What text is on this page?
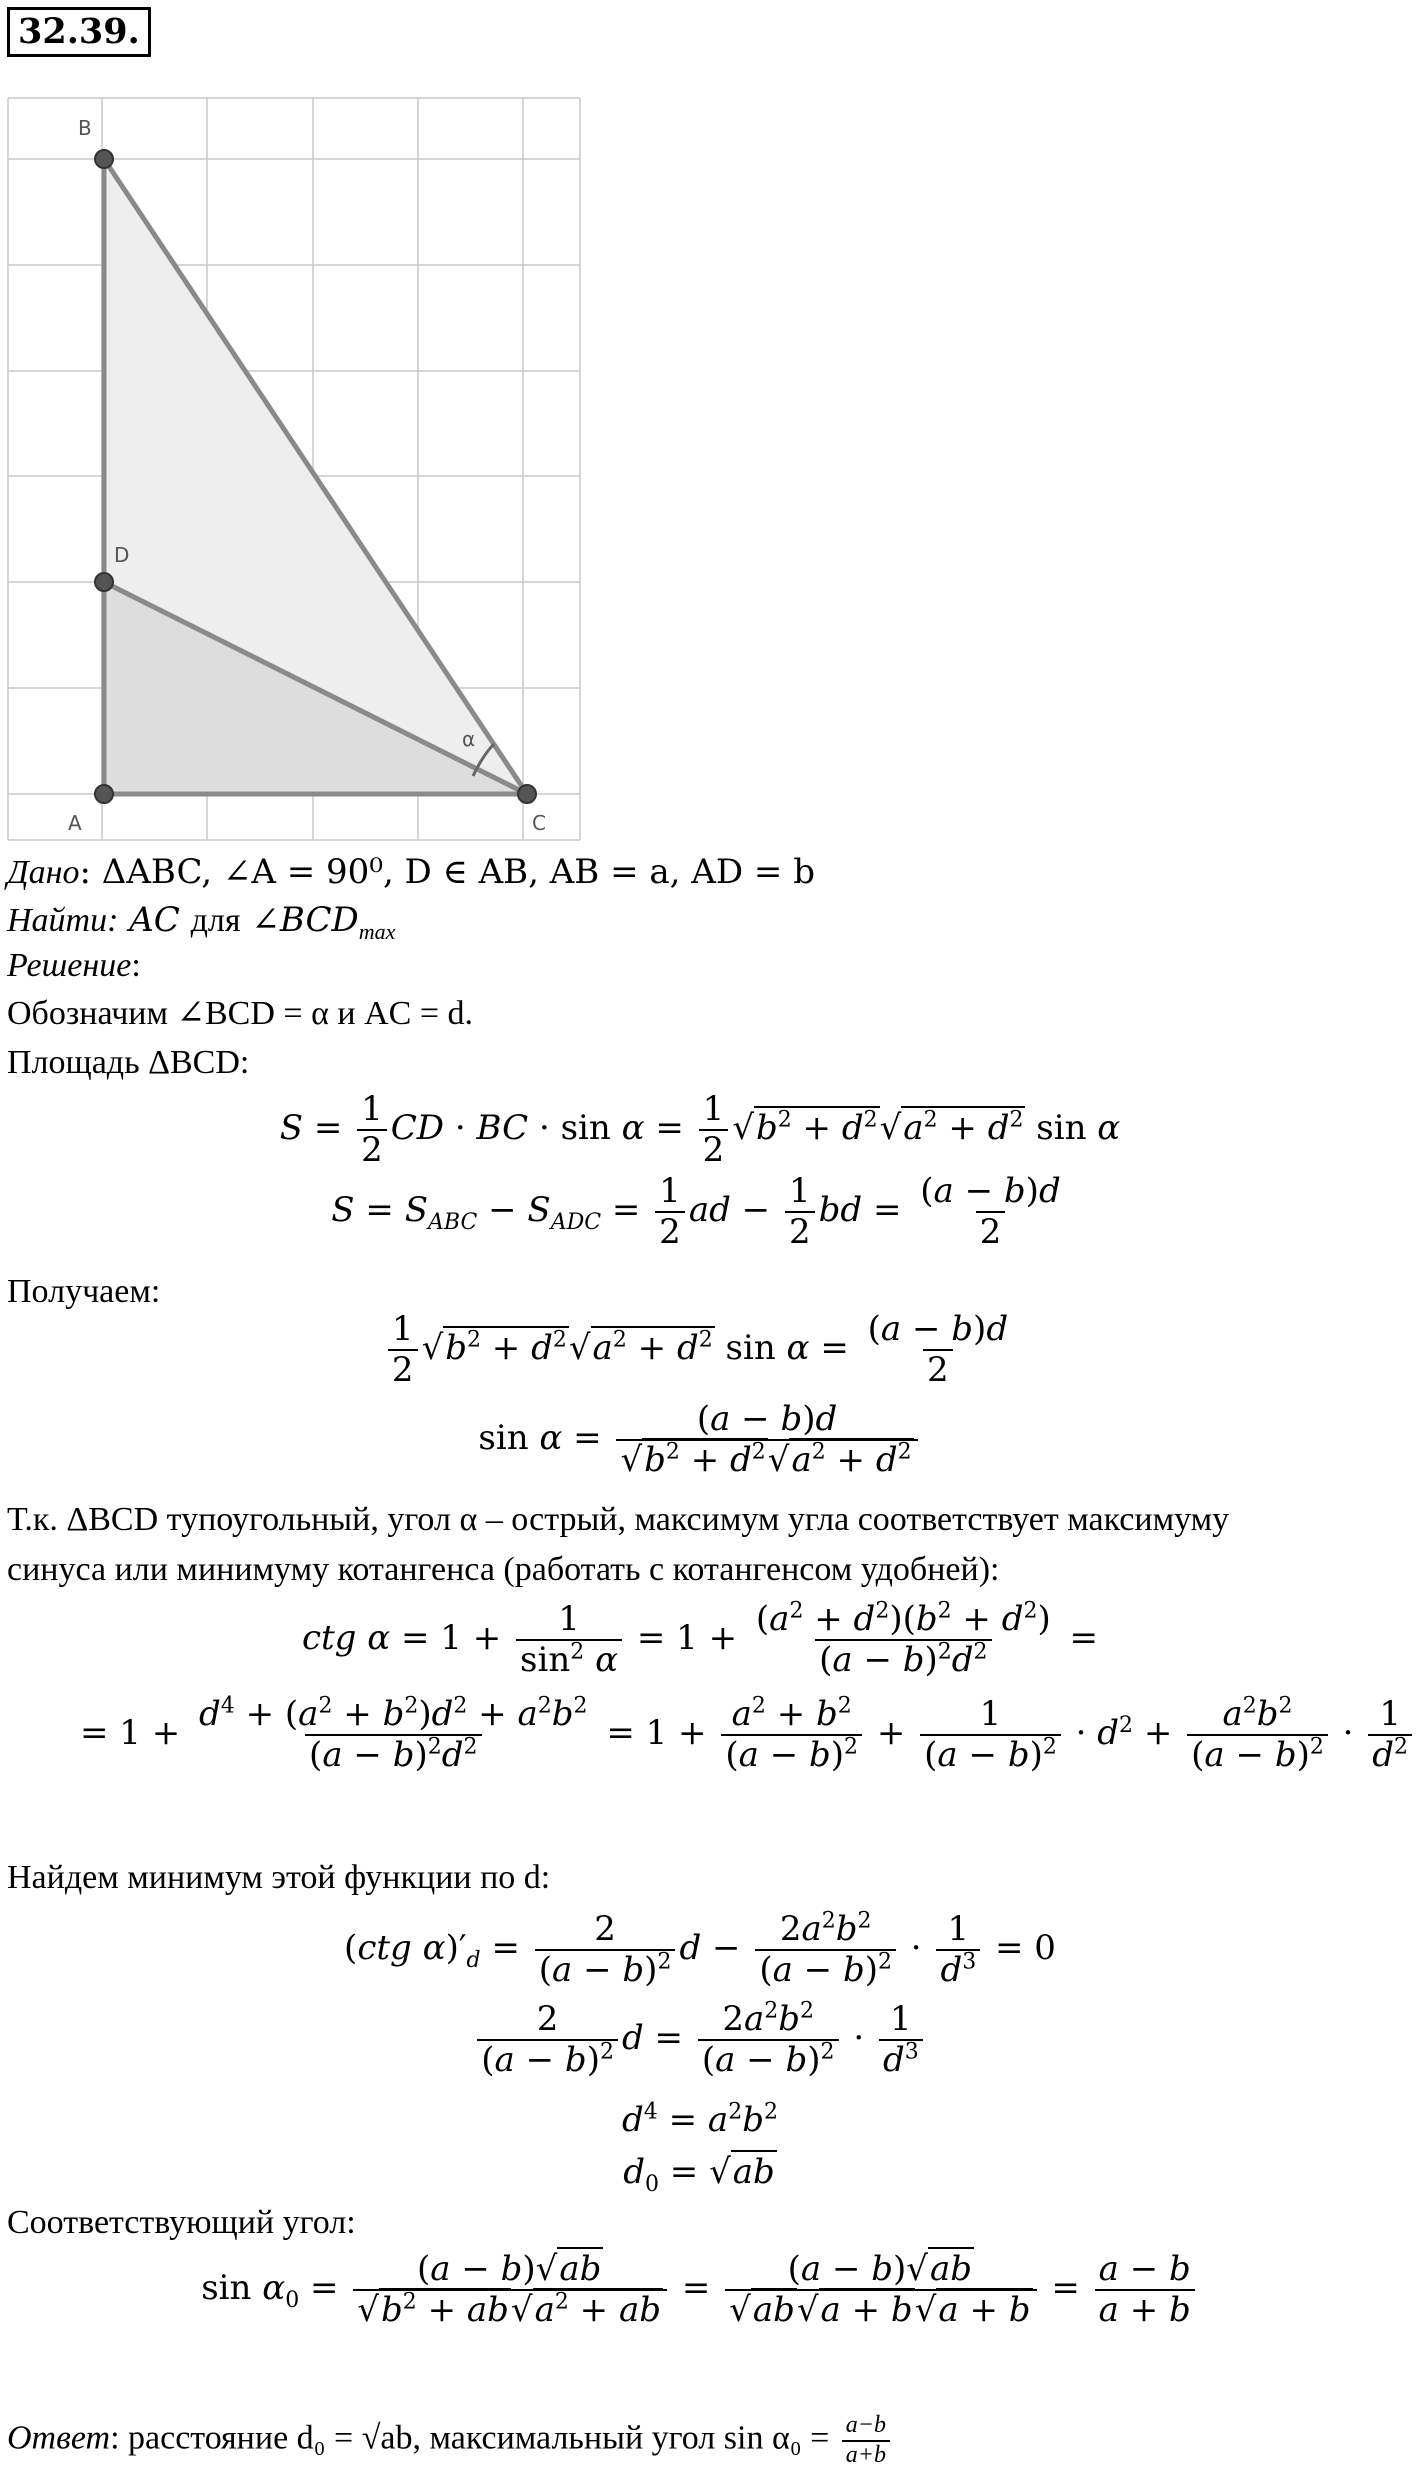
32.39.
α
B
D
A	C
Дано: ΔABC, ∠A = 90⁰, D ∈ AB, AB = a, AD = b
Найти: AC для $\angle BCD_{max}$
Решение:
Обозначим ∠BCD = α и AC = d.
Площадь ΔBCD:
$S = \frac{1}{2}$ CD · BC · $\sin \alpha = \frac{1}{2} √b^2 + d^2√a^2 + d^2$ sin α
$S = S_{ABC} - S_{ADC} = \frac{1}{2}$ ad − $\frac{1}{2}$ bd = $\frac{(a - b)d}{2}$
Получаем:
$\frac{1}{2} √b^2 + d^2√a^2 + d^2$ $\sin \alpha = \frac{(a - b)d}{2}$
$\sin \alpha = \frac{(a - b)d}{√b^2 + d^2√a^2 + d^2}$
Т.к. ΔBCD тупоугольный, угол α – острый, максимум угла соответствует максимуму
синуса или минимуму котангенса (работать с котангенсом удобней):
ctg $\alpha = 1 + \frac{1}{\sin^2 \alpha} = 1 + \frac{(a^2 + d^2)(b^2 + d^2)}{(a - b)^2d^2}$ =
= $1 + \frac{d^4 + (a^2 + b^2)d^2 + a^2b^2}{(a - b)^2d^2} = 1 + \frac{a^2 + b^2}{(a - b)^2} + \frac{1}{(a - b)^2} \cdot d^2 + \frac{a^2b^2}{(a - b)^2} \cdot \frac{1}{d^2}$
Найдем минимум этой функции по d:
(ctg $\alpha)'_d = \frac{2}{(a - b)^2}$ $d - \frac{2a^2b^2}{(a - b)^2} \cdot \frac{1}{d^3} = 0$
$\frac{2}{(a - b)^2}$ $d = \frac{2a^2b^2}{(a - b)^2} \cdot \frac{1}{d^3}$
$d^4 = a^2b^2$
$d_0 = √ab$
Соответствующий угол:
$\sin \alpha_0 = \frac{(a - b)√ab}{√b^2 + ab√a^2 + ab} = \frac{(a - b)√ab}{√ab√a + b√a + b} = \frac{a - b}{a + b}$
Ответ: расстояние d₀ = √ab, максимальный угол $\sin \alpha_0 = \frac{a-b}{a+b}$
